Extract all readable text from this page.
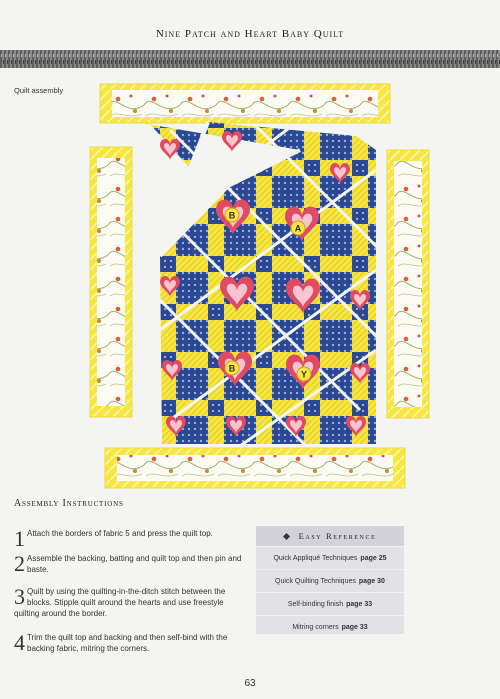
Nine Patch and Heart Baby Quilt
Quilt assembly
B
A
B
Y
Assembly Instructions
1 Attach the borders of fabric 5 and press the quilt top.
2 Assemble the backing, batting and quilt top and then pin and baste.
3 Quilt by using the quilting-in-the-ditch stitch between the blocks. Stipple quilt around the hearts and use freestyle quilting around the border.
4 Trim the quilt top and backing and then self-bind with the backing fabric, mitring the corners.
Easy Reference
Quick Appliqué Techniques page 25
Quick Quilting Techniques page 30
Self-binding finish page 33
Mitring corners page 33
63
